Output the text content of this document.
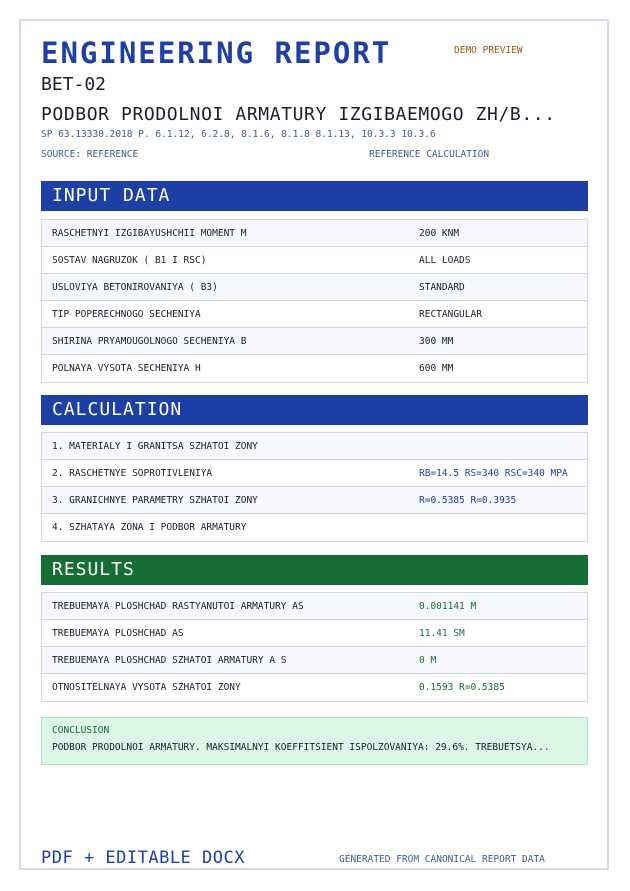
ENGINEERING REPORT	DEMO PREVIEW
BET-02
PODBOR PRODOLNOI ARMATURY IZGIBAEMOGO ZH/B...
SP 63.13330.2018 P. 6.1.12, 6.2.8, 8.1.6, 8.1.8 8.1.13, 10.3.3 10.3.6
SOURCE: REFERENCE	REFERENCE CALCULATION
INPUT DATA
RASCHETNYI IZGIBAYUSHCHII MOMENT M	200 KNM
SOSTAV NAGRUZOK ( B1 I RSC)	ALL LOADS
USLOVIYA BETONIROVANIYA ( B3)	STANDARD
TIP POPERECHNOGO SECHENIYA	RECTANGULAR
SHIRINA PRYAMOUGOLNOGO SECHENIYA B	300 MM
POLNAYA VYSOTA SECHENIYA H	600 MM
CALCULATION
1. MATERIALY I GRANITSA SZHATOI ZONY
2. RASCHETNYE SOPROTIVLENIYA	RB=14.5 RS=340 RSC=340 MPA
3. GRANICHNYE PARAMETRY SZHATOI ZONY	R=0.5385 R=0.3935
4. SZHATAYA ZONA I PODBOR ARMATURY
RESULTS
TREBUEMAYA PLOSHCHAD RASTYANUTOI ARMATURY AS	0.001141 M
TREBUEMAYA PLOSHCHAD AS	11.41 SM
TREBUEMAYA PLOSHCHAD SZHATOI ARMATURY A S	0 M
OTNOSITELNAYA VYSOTA SZHATOI ZONY	0.1593 R=0.5385
CONCLUSION
PODBOR PRODOLNOI ARMATURY. MAKSIMALNYI KOEFFITSIENT ISPOLZOVANIYA: 29.6%. TREBUETSYA...
PDF + EDITABLE DOCX	GENERATED FROM CANONICAL REPORT DATA
